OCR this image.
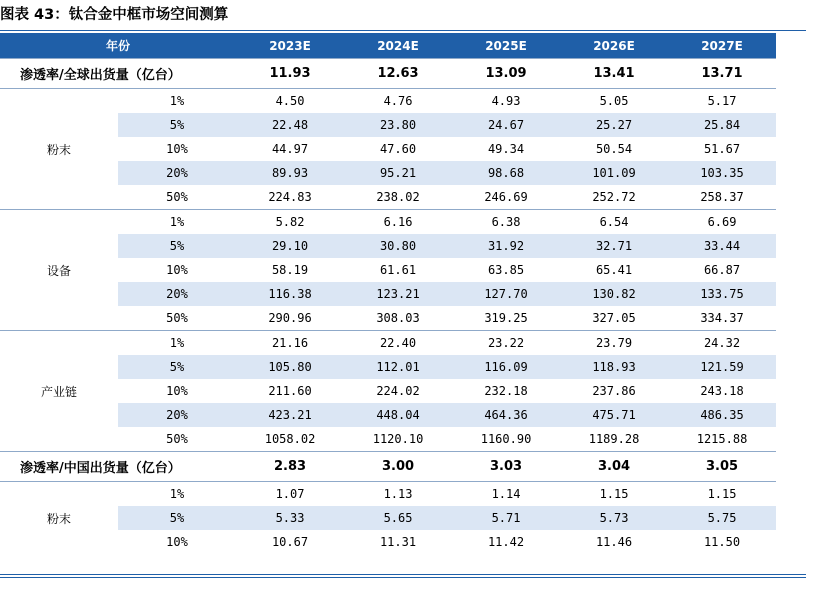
图表 43：钛合金中框市场空间测算
年份		2023E	2024E	2025E	2026E	2027E
渗透率/全球出货量（亿台）		11.93	12.63	13.09	13.41	13.71
粉末	1%	4.50	4.76	4.93	5.05	5.17
	5%	22.48	23.80	24.67	25.27	25.84
	10%	44.97	47.60	49.34	50.54	51.67
	20%	89.93	95.21	98.68	101.09	103.35
	50%	224.83	238.02	246.69	252.72	258.37
设备	1%	5.82	6.16	6.38	6.54	6.69
	5%	29.10	30.80	31.92	32.71	33.44
	10%	58.19	61.61	63.85	65.41	66.87
	20%	116.38	123.21	127.70	130.82	133.75
	50%	290.96	308.03	319.25	327.05	334.37
产业链	1%	21.16	22.40	23.22	23.79	24.32
	5%	105.80	112.01	116.09	118.93	121.59
	10%	211.60	224.02	232.18	237.86	243.18
	20%	423.21	448.04	464.36	475.71	486.35
	50%	1058.02	1120.10	1160.90	1189.28	1215.88
渗透率/中国出货量（亿台）		2.83	3.00	3.03	3.04	3.05
粉末	1%	1.07	1.13	1.14	1.15	1.15
	5%	5.33	5.65	5.71	5.73	5.75
	10%	10.67	11.31	11.42	11.46	11.50
